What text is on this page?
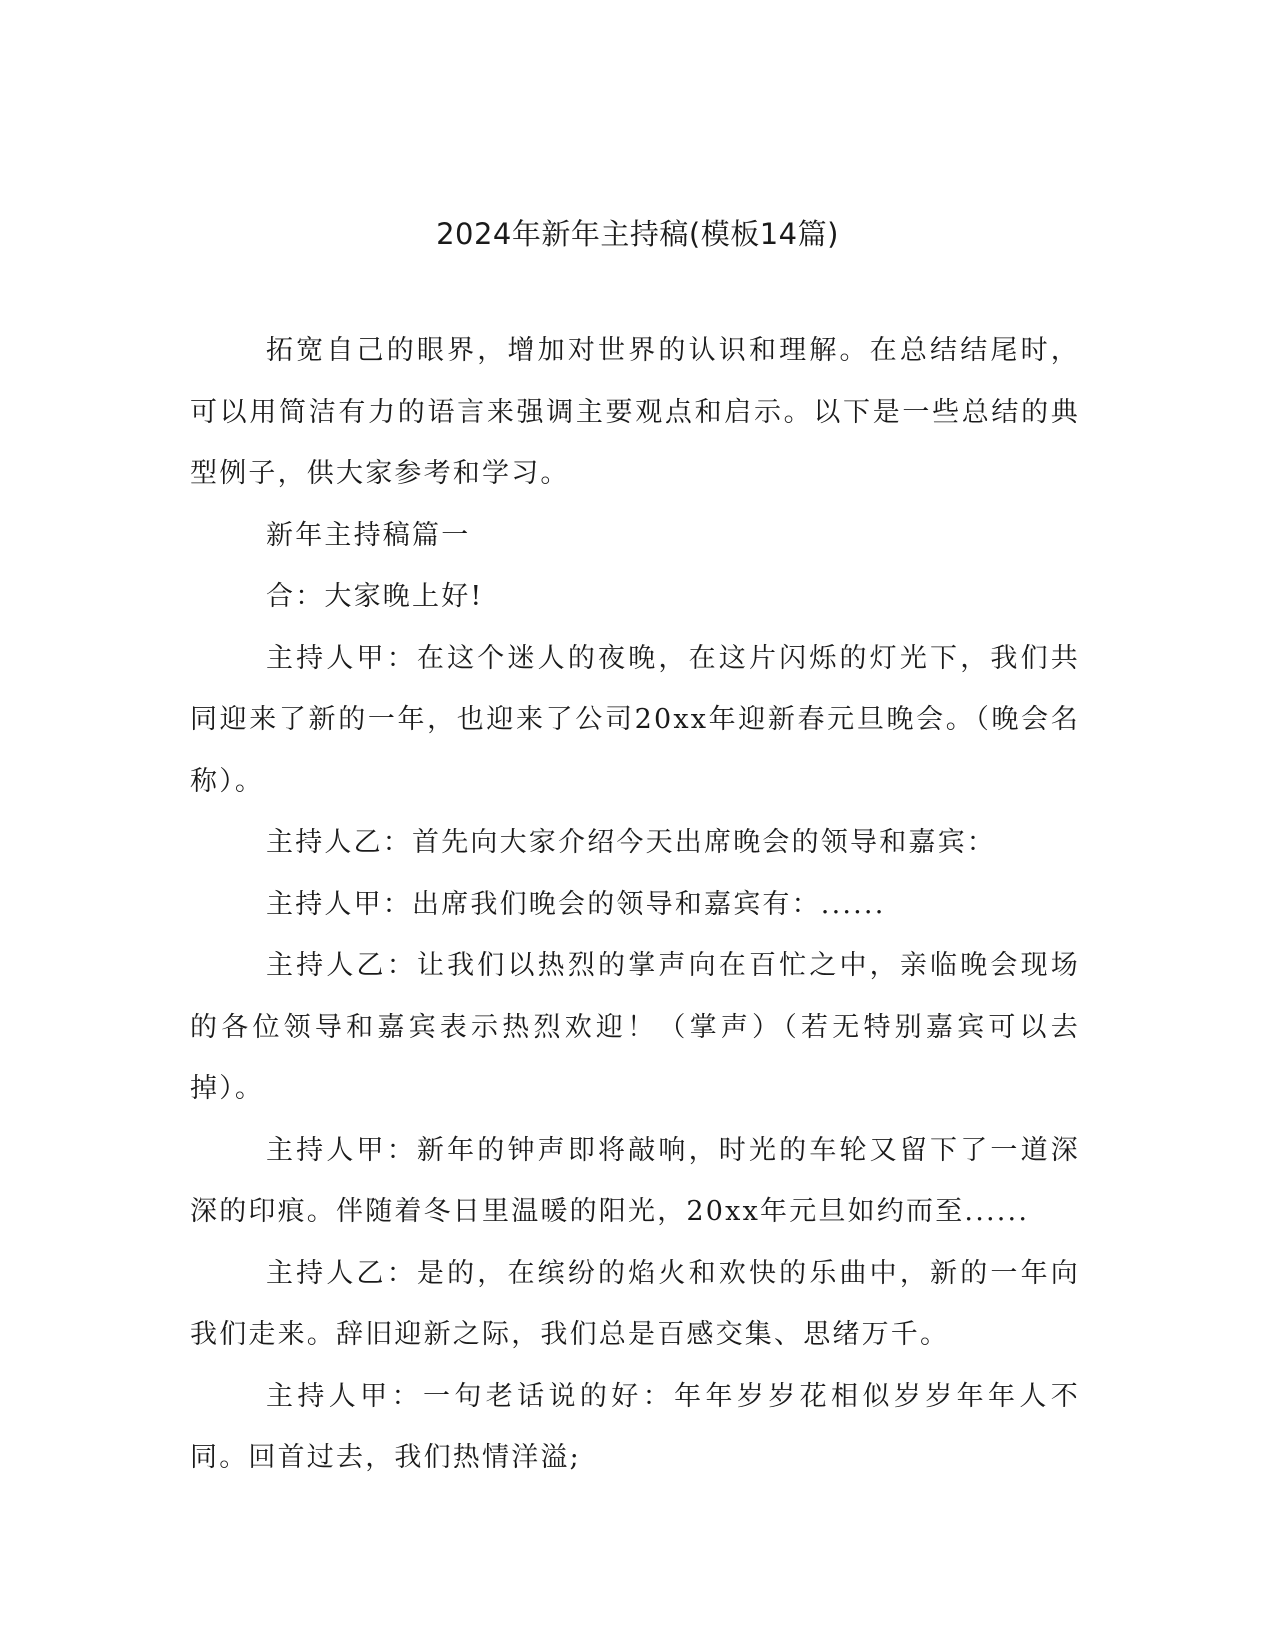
2024年新年主持稿(模板14篇)

拓宽自己的眼界，增加对世界的认识和理解。在总结结尾时，可以用简洁有力的语言来强调主要观点和启示。以下是一些总结的典型例子，供大家参考和学习。

新年主持稿篇一

合：大家晚上好!

主持人甲：在这个迷人的夜晚，在这片闪烁的灯光下，我们共同迎来了新的一年，也迎来了公司20xx年迎新春元旦晚会。（晚会名称）。

主持人乙：首先向大家介绍今天出席晚会的领导和嘉宾：

主持人甲：出席我们晚会的领导和嘉宾有：......

主持人乙：让我们以热烈的掌声向在百忙之中，亲临晚会现场的各位领导和嘉宾表示热烈欢迎！（掌声）（若无特别嘉宾可以去掉）。

主持人甲：新年的钟声即将敲响，时光的车轮又留下了一道深深的印痕。伴随着冬日里温暖的阳光，20xx年元旦如约而至......

主持人乙：是的，在缤纷的焰火和欢快的乐曲中，新的一年向我们走来。辞旧迎新之际，我们总是百感交集、思绪万千。

主持人甲：一句老话说的好：年年岁岁花相似岁岁年年人不同。回首过去，我们热情洋溢;
